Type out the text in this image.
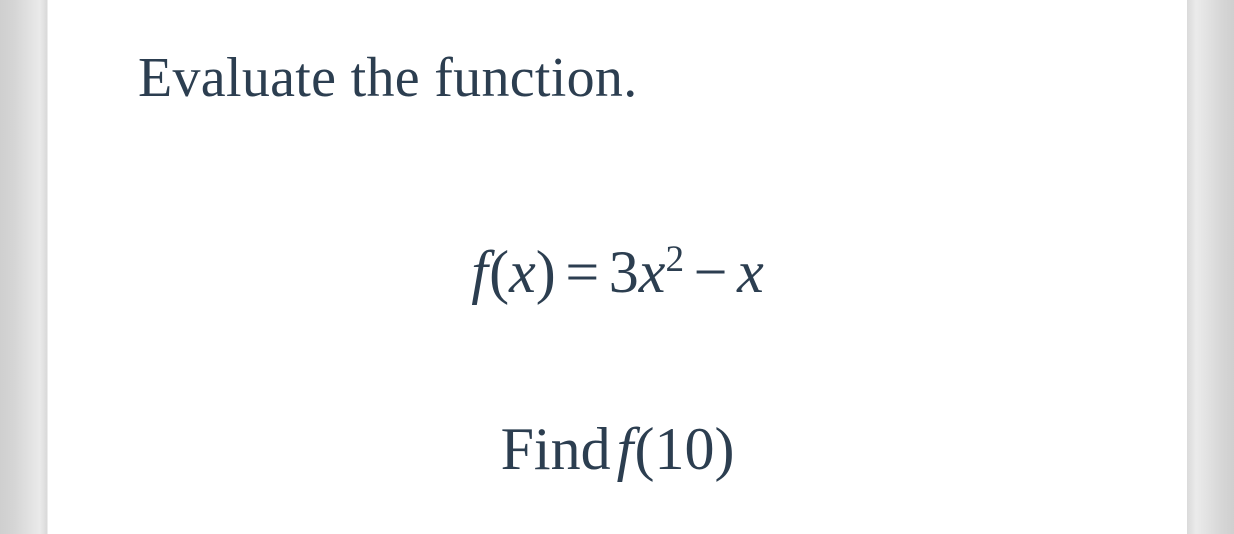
Evaluate the function.
$f(x) = 3x^2 - x$
Find f(10)
